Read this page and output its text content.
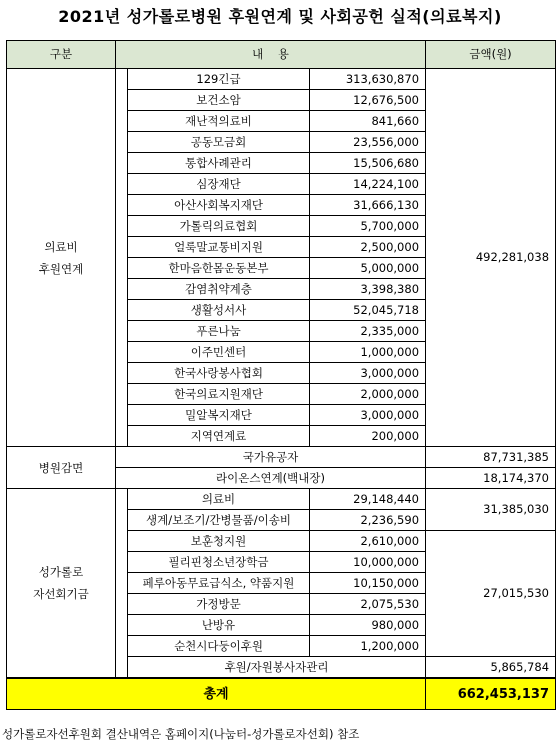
2021년 성가롤로병원 후원연계 및 사회공헌 실적(의료복지)
구분	내    용			금액(원)
의료비
후원연계		129긴급	313,630,870	492,281,038
		보건소암	12,676,500	
		재난적의료비	841,660	
		공동모금회	23,556,000	
		통합사례관리	15,506,680	
		심장재단	14,224,100	
		아산사회복지재단	31,666,130	
		가톨릭의료협회	5,700,000	
		얼룩말교통비지원	2,500,000	
		한마음한몸운동본부	5,000,000	
		감염취약계층	3,398,380	
		생활성서사	52,045,718	
		푸른나눔	2,335,000	
		이주민센터	1,000,000	
		한국사랑봉사협회	3,000,000	
		한국의료지원재단	2,000,000	
		밀알복지재단	3,000,000	
		지역연계료	200,000	
병원감면	국가유공자			87,731,385
	라이온스연계(백내장)			18,174,370
성가롤로
자선회기금		의료비	29,148,440	31,385,030
		생계/보조기/간병물품/이송비	2,236,590	
		보훈청지원	2,610,000	27,015,530
		필리핀청소년장학금	10,000,000	
		페루아동무료급식소, 약품지원	10,150,000	
		가정방문	2,075,530	
		난방유	980,000	
		순천시다둥이후원	1,200,000	
		후원/자원봉사자관리		5,865,784
총계				662,453,137
성가롤로자선후원회 결산내역은 홈페이지(나눔터-성가롤로자선회) 참조
